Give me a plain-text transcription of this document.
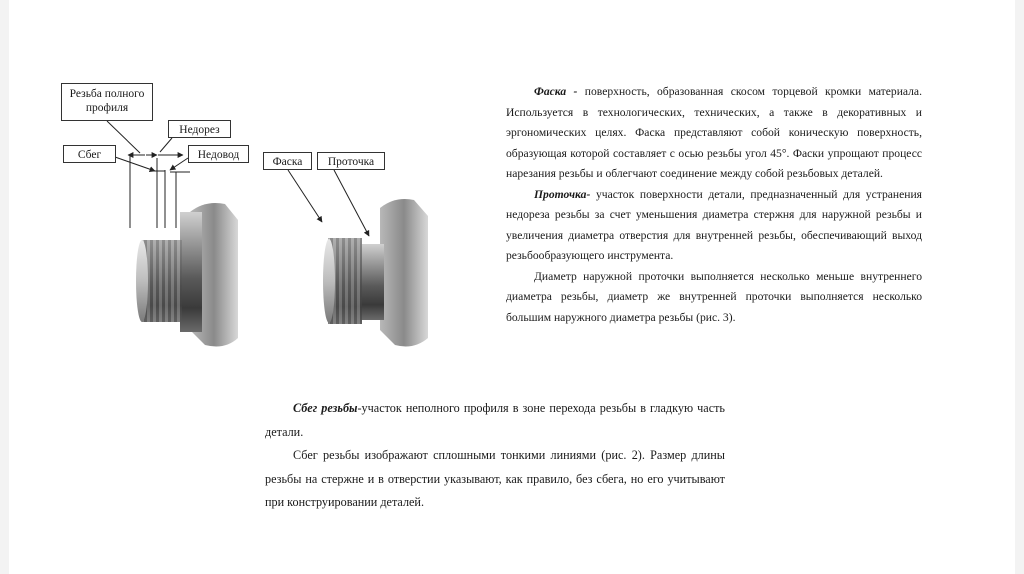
Резьба полного профиля
Недорез
Сбег	Недовод
Фаска	Проточка

Фаска - поверхность, образованная скосом торцевой кромки материала. Используется в технологических, технических, а также в декоративных и эргономических целях. Фаска представляют собой коническую поверхность, образующая которой составляет с осью резьбы угол 45°. Фаски упрощают процесс нарезания резьбы и облегчают соединение между собой резьбовых деталей.

Проточка- участок поверхности детали, предназначенный для устранения недореза резьбы за счет уменьшения диаметра стержня для наружной резьбы и увеличения диаметра отверстия для внутренней резьбы, обеспечивающий выход резьбообразующего инструмента.

Диаметр наружной проточки выполняется несколько меньше внутреннего диаметра резьбы, диаметр же внутренней проточки выполняется несколько большим наружного диаметра резьбы (рис. 3).

Сбег резьбы-участок неполного профиля в зоне перехода резьбы в гладкую часть детали.

Сбег резьбы изображают сплошными тонкими линиями (рис. 2). Размер длины резьбы на стержне и в отверстии указывают, как правило, без сбега, но его учитывают при конструировании деталей.
